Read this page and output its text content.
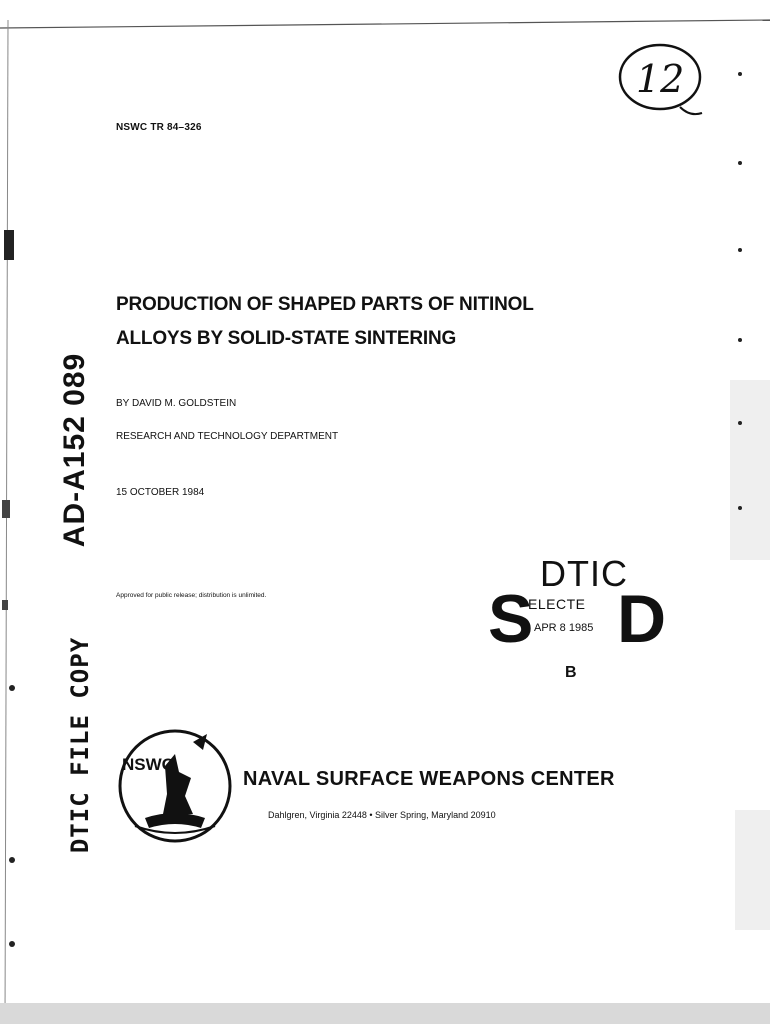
12
NSWC TR 84–326
PRODUCTION OF SHAPED PARTS OF NITINOL
ALLOYS BY SOLID-STATE SINTERING
BY DAVID M. GOLDSTEIN
RESEARCH AND TECHNOLOGY DEPARTMENT
15 OCTOBER 1984
Approved for public release; distribution is unlimited.
AD-A152 089
DTIC FILE COPY
DTIC
ELECTE
APR 8 1985
S D
B
NSWC
NAVAL SURFACE WEAPONS CENTER
Dahlgren, Virginia 22448 • Silver Spring, Maryland 20910
